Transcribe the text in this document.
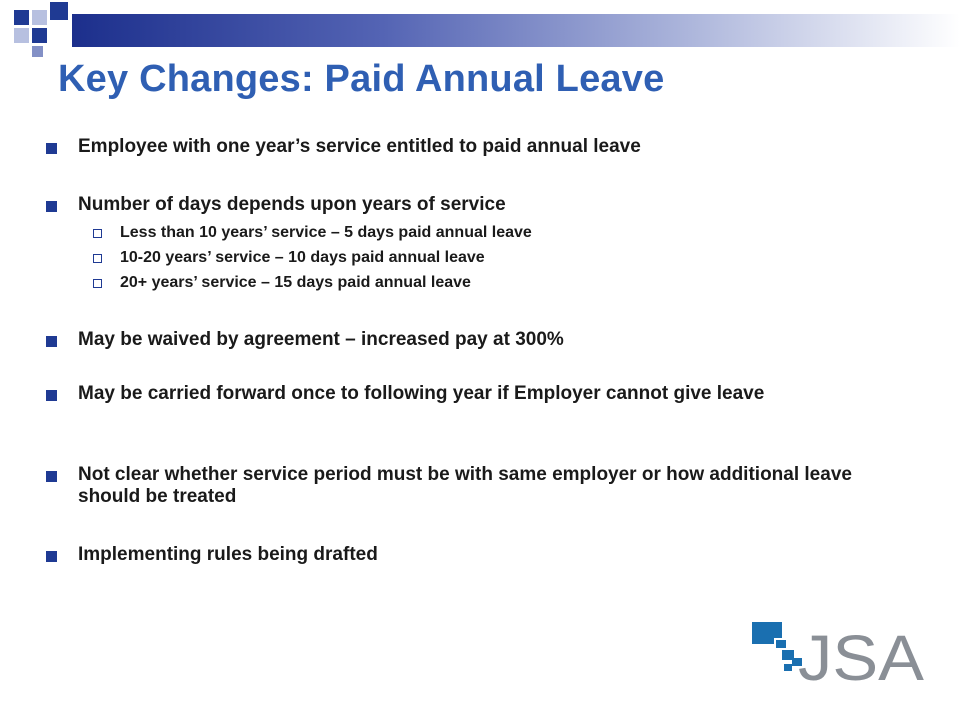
Key Changes: Paid Annual Leave
Employee with one year’s service entitled to paid annual leave
Number of days depends upon years of service
Less than 10 years’ service – 5 days paid annual leave
10-20 years’ service – 10 days paid annual leave
20+ years’ service – 15 days paid annual leave
May be waived by agreement – increased pay at 300%
May be carried forward once to following year if Employer cannot give leave
Not clear whether service period must be with same employer or how additional leave should be treated
Implementing rules being drafted
JSA
